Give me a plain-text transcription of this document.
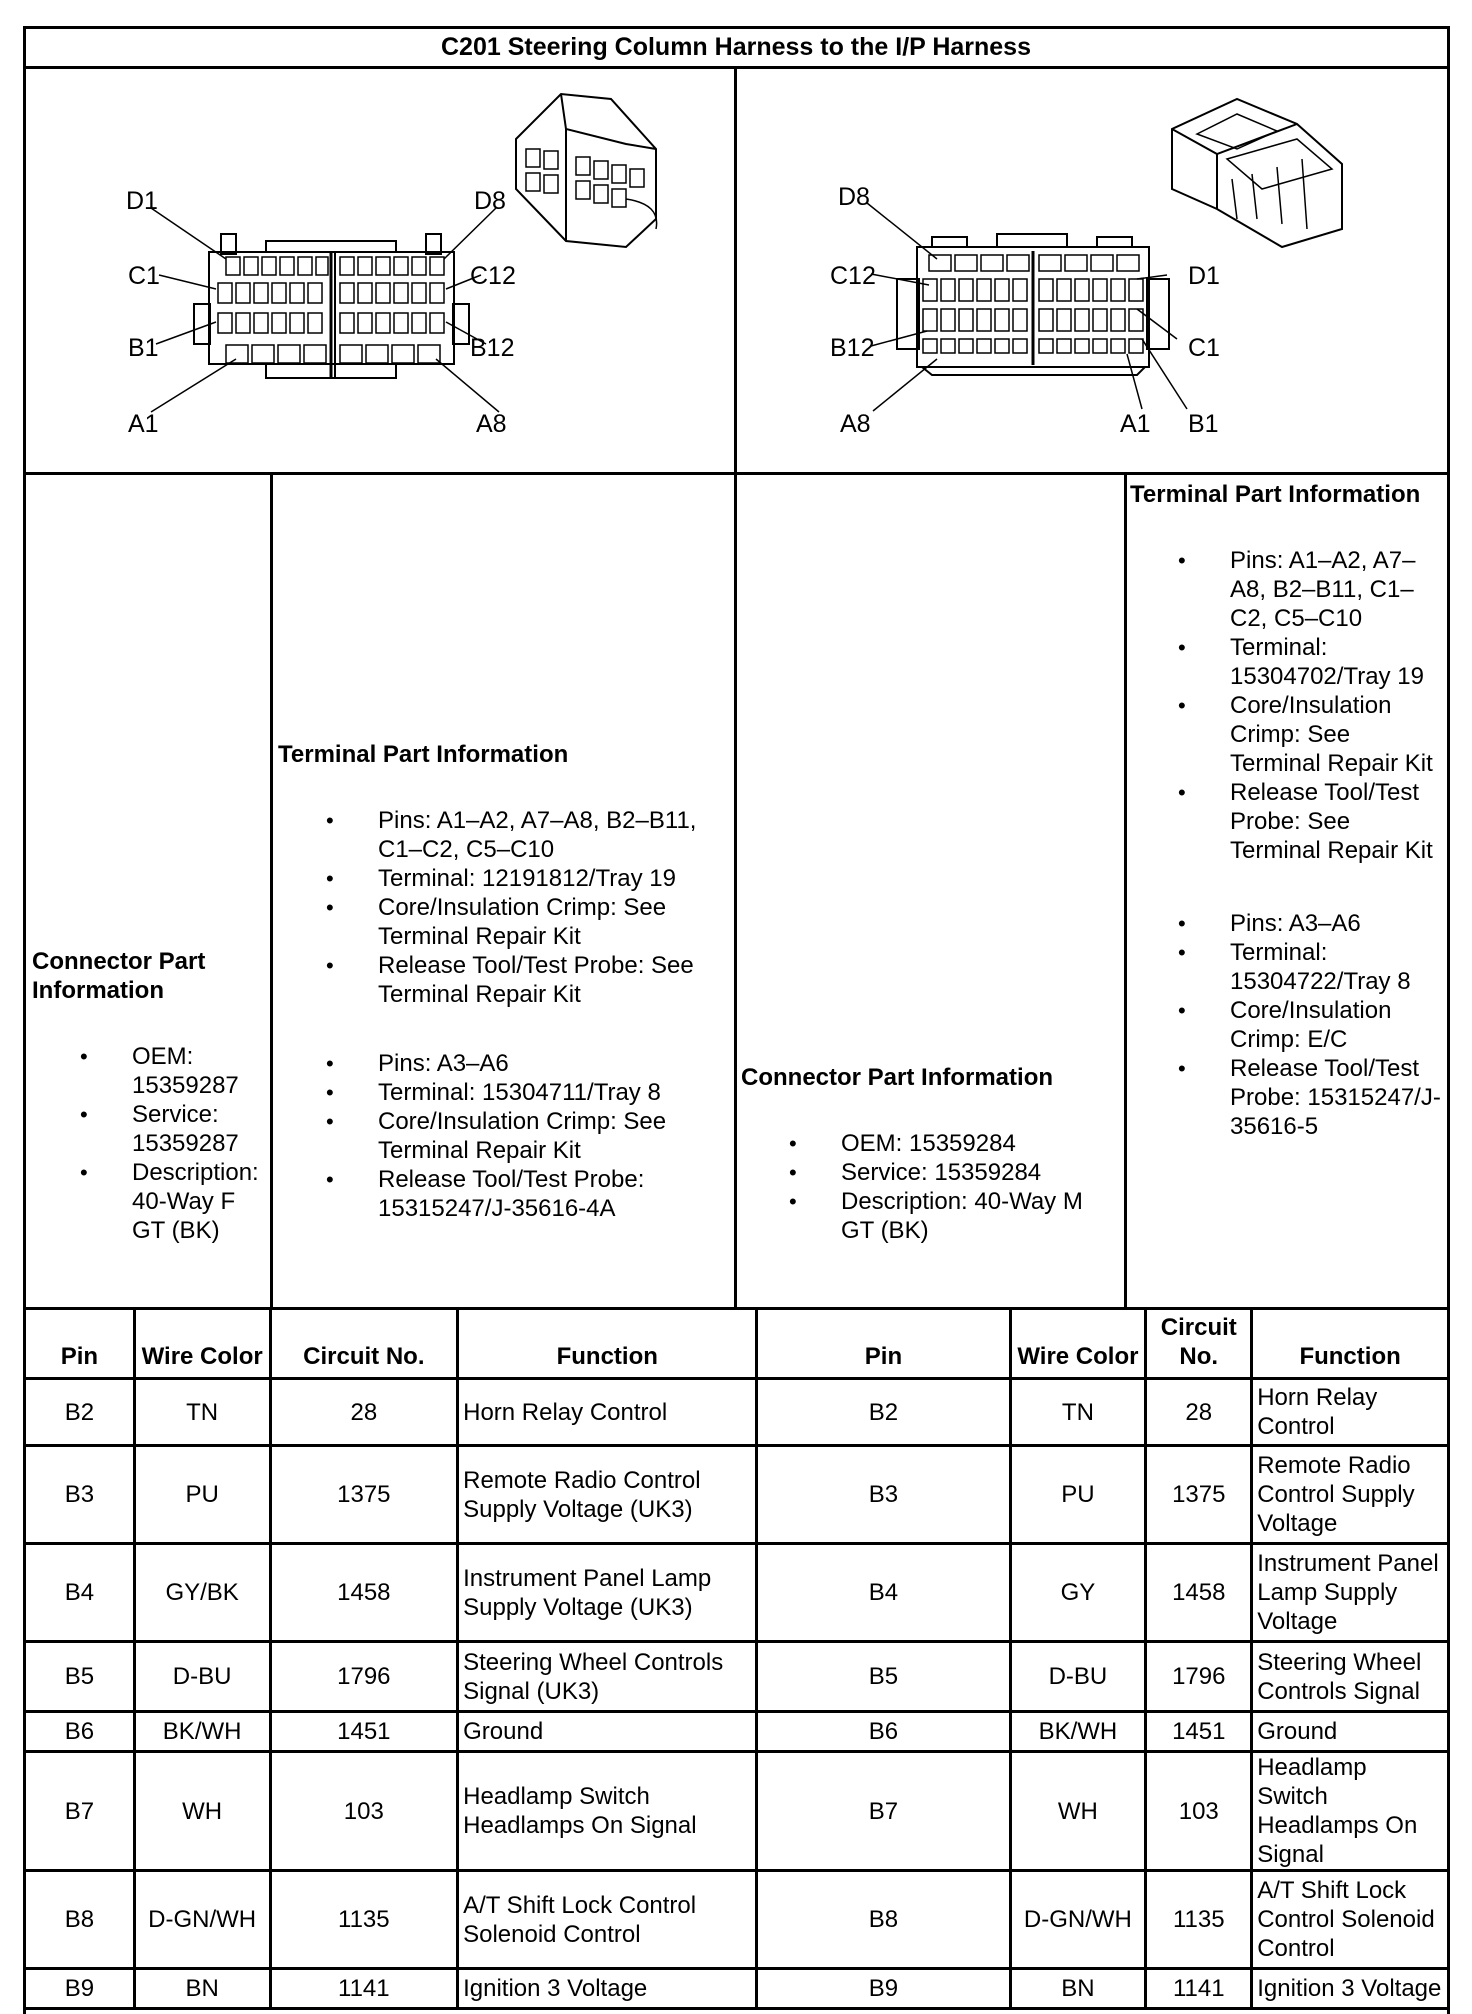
C201 Steering Column Harness to the I/P Harness
D1	D8
C1	C12
B1	B12
A1	A8
D8
C12	D1
B12	C1
A8	A1 B1
Connector Part Information
• OEM: 15359287
• Service: 15359287
• Description: 40-Way F GT (BK)
Terminal Part Information
• Pins: A1–A2, A7–A8, B2–B11, C1–C2, C5–C10
• Terminal: 12191812/Tray 19
• Core/Insulation Crimp: See Terminal Repair Kit
• Release Tool/Test Probe: See Terminal Repair Kit
• Pins: A3–A6
• Terminal: 15304711/Tray 8
• Core/Insulation Crimp: See Terminal Repair Kit
• Release Tool/Test Probe: 15315247/J-35616-4A
Connector Part Information
• OEM: 15359284
• Service: 15359284
• Description: 40-Way M GT (BK)
Terminal Part Information
• Pins: A1–A2, A7–A8, B2–B11, C1–C2, C5–C10
• Terminal: 15304702/Tray 19
• Core/Insulation Crimp: See Terminal Repair Kit
• Release Tool/Test Probe: See Terminal Repair Kit
• Pins: A3–A6
• Terminal: 15304722/Tray 8
• Core/Insulation Crimp: E/C
• Release Tool/Test Probe: 15315247/J-35616-5
Pin	Wire Color	Circuit No.	Function	Pin	Wire Color	Circuit No.	Function
B2	TN	28	Horn Relay Control	B2	TN	28	Horn Relay Control
B3	PU	1375	Remote Radio Control Supply Voltage (UK3)	B3	PU	1375	Remote Radio Control Supply Voltage
B4	GY/BK	1458	Instrument Panel Lamp Supply Voltage (UK3)	B4	GY	1458	Instrument Panel Lamp Supply Voltage
B5	D-BU	1796	Steering Wheel Controls Signal (UK3)	B5	D-BU	1796	Steering Wheel Controls Signal
B6	BK/WH	1451	Ground	B6	BK/WH	1451	Ground
B7	WH	103	Headlamp Switch Headlamps On Signal	B7	WH	103	Headlamp Switch Headlamps On Signal
B8	D-GN/WH	1135	A/T Shift Lock Control Solenoid Control	B8	D-GN/WH	1135	A/T Shift Lock Control Solenoid Control
B9	BN	1141	Ignition 3 Voltage	B9	BN	1141	Ignition 3 Voltage
